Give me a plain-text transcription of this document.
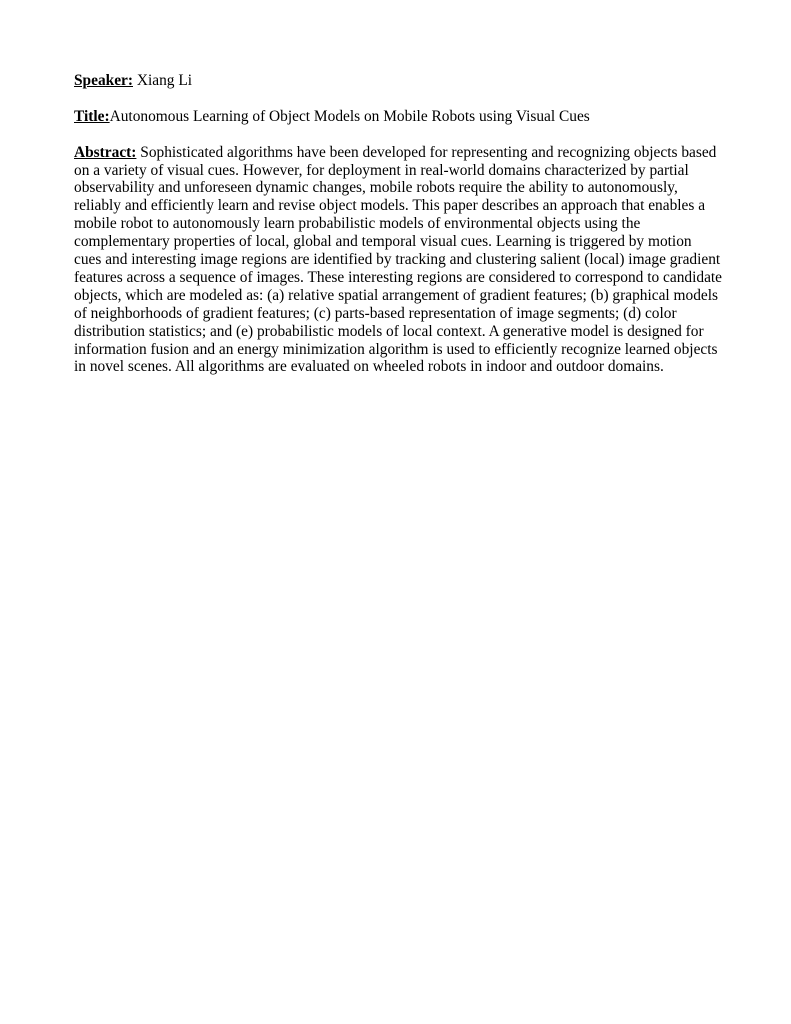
Speaker: Xiang Li

Title:Autonomous Learning of Object Models on Mobile Robots using Visual Cues

Abstract: Sophisticated algorithms have been developed for representing and recognizing objects based on a variety of visual cues. However, for deployment in real-world domains characterized by partial observability and unforeseen dynamic changes, mobile robots require the ability to autonomously, reliably and efficiently learn and revise object models. This paper describes an approach that enables a mobile robot to autonomously learn probabilistic models of environmental objects using the complementary properties of local, global and temporal visual cues. Learning is triggered by motion cues and interesting image regions are identified by tracking and clustering salient (local) image gradient features across a sequence of images. These interesting regions are considered to correspond to candidate objects, which are modeled as: (a) relative spatial arrangement of gradient features; (b) graphical models of neighborhoods of gradient features; (c) parts-based representation of image segments; (d) color distribution statistics; and (e) probabilistic models of local context. A generative model is designed for information fusion and an energy minimization algorithm is used to efficiently recognize learned objects in novel scenes. All algorithms are evaluated on wheeled robots in indoor and outdoor domains.
